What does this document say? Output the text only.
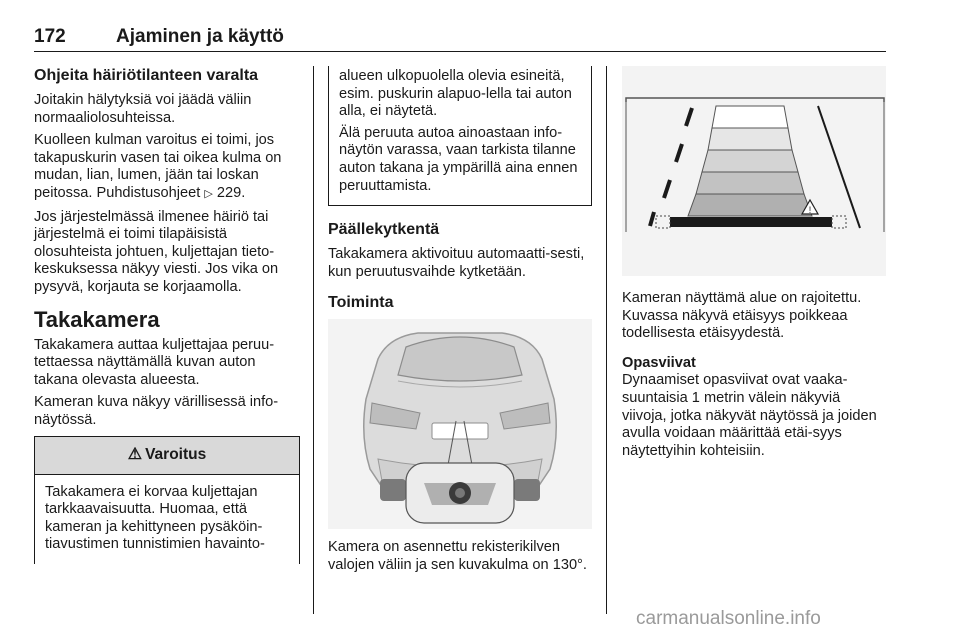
172	Ajaminen ja käyttö
Ohjeita häiriötilanteen varalta

Joitakin hälytyksiä voi jäädä väliin normaaliolosuhteissa.

Kuolleen kulman varoitus ei toimi, jos takapuskurin vasen tai oikea kulma on mudan, lian, lumen, jään tai loskan peitossa. Puhdistusohjeet ▷ 229.

Jos järjestelmässä ilmenee häiriö tai järjestelmä ei toimi tilapäisistä olosuhteista johtuen, kuljettajan tieto-keskuksessa näkyy viesti. Jos vika on pysyvä, korjauta se korjaamolla.

Takakamera

Takakamera auttaa kuljettajaa peruu-tettaessa näyttämällä kuvan auton takana olevasta alueesta.

Kameran kuva näkyy värillisessä info-näytössä.

⚠ Varoitus
Takakamera ei korvaa kuljettajan tarkkaavaisuutta. Huomaa, että kameran ja kehittyneen pysäköin-tiavustimen tunnistimien havainto-

alueen ulkopuolella olevia esineitä, esim. puskurin alapuo-lella tai auton alla, ei näytetä.

Älä peruuta autoa ainoastaan info-näytön varassa, vaan tarkista tilanne auton takana ja ympärillä aina ennen peruuttamista.

Päällekytkentä

Takakamera aktivoituu automaatti-sesti, kun peruutusvaihde kytketään.

Toiminta

Kamera on asennettu rekisterikilven valojen väliin ja sen kuvakulma on 130°.

!

Kameran näyttämä alue on rajoitettu. Kuvassa näkyvä etäisyys poikkeaa todellisesta etäisyydestä.

Opasviivat

Dynaamiset opasviivat ovat vaaka-suuntaisia 1 metrin välein näkyviä viivoja, jotka näkyvät näytössä ja joiden avulla voidaan määrittää etäi-syys näytettyihin kohteisiin.

carmanualsonline.info
